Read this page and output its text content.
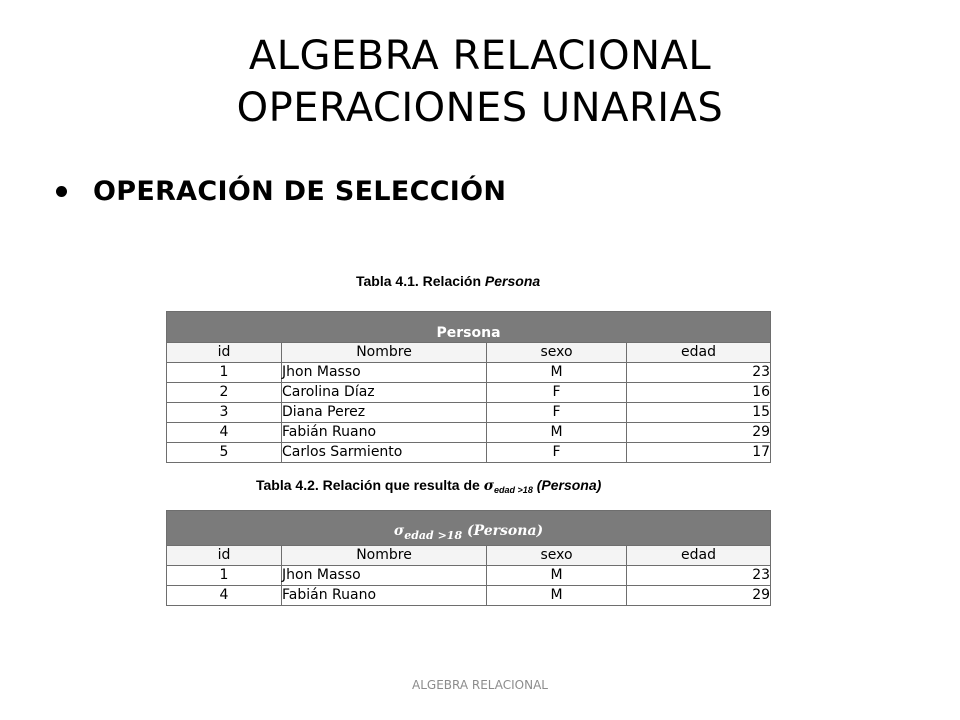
ALGEBRA RELACIONAL
OPERACIONES UNARIAS
OPERACIÓN DE SELECCIÓN
Tabla 4.1. Relación Persona
Persona			
id	Nombre	sexo	edad
1	Jhon Masso	M	23
2	Carolina Díaz	F	16
3	Diana Perez	F	15
4	Fabián Ruano	M	29
5	Carlos Sarmiento	F	17
Tabla 4.2. Relación que resulta de $\sigma_{edad >18}$ (Persona)
$\sigma_{edad >18}$ (Persona)			
id	Nombre	sexo	edad
1	Jhon Masso	M	23
4	Fabián Ruano	M	29
ALGEBRA RELACIONAL
